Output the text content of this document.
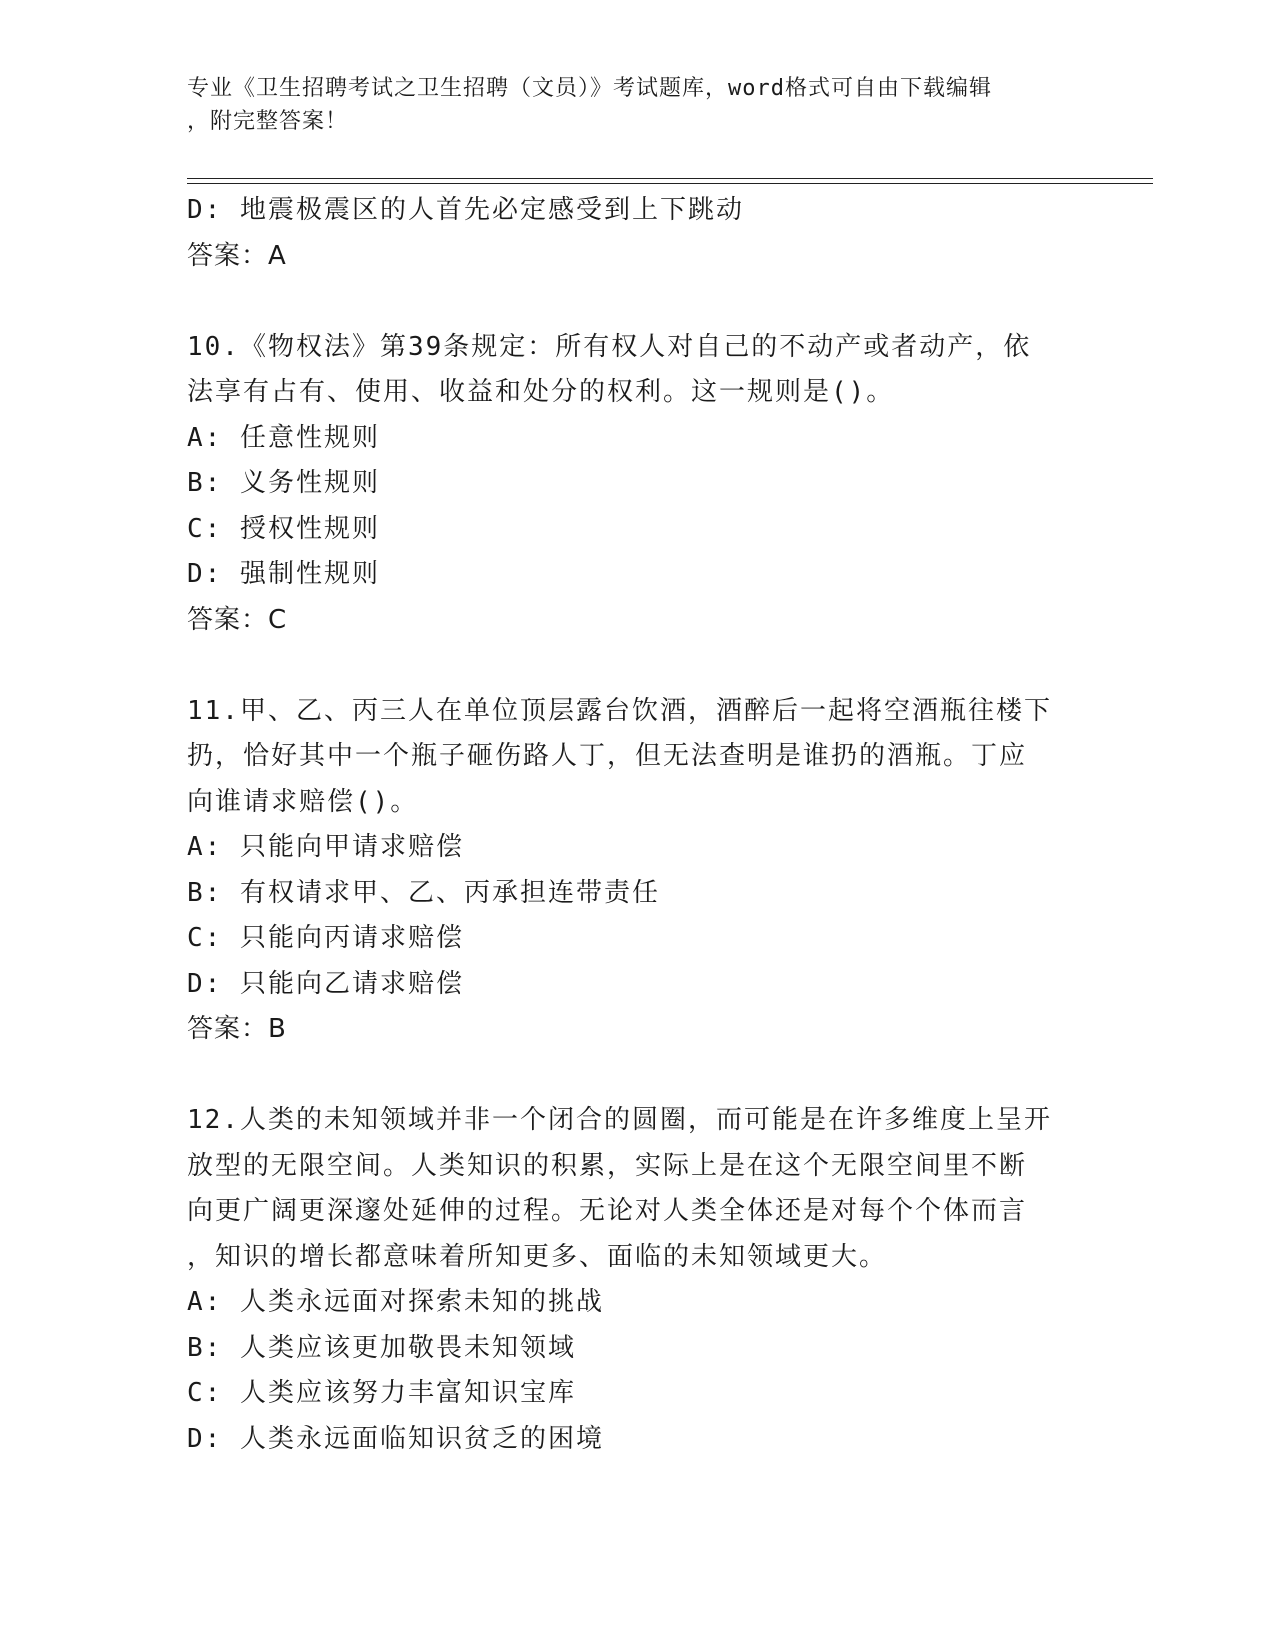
专业《卫生招聘考试之卫生招聘（文员）》考试题库，word格式可自由下载编辑
，附完整答案！
D: 地震极震区的人首先必定感受到上下跳动
答案：A
10.《物权法》第39条规定：所有权人对自己的不动产或者动产，依
法享有占有、使用、收益和处分的权利。这一规则是()。
A: 任意性规则
B: 义务性规则
C: 授权性规则
D: 强制性规则
答案：C
11.甲、乙、丙三人在单位顶层露台饮酒，酒醉后一起将空酒瓶往楼下
扔，恰好其中一个瓶子砸伤路人丁，但无法查明是谁扔的酒瓶。丁应
向谁请求赔偿()。
A: 只能向甲请求赔偿
B: 有权请求甲、乙、丙承担连带责任
C: 只能向丙请求赔偿
D: 只能向乙请求赔偿
答案：B
12.人类的未知领域并非一个闭合的圆圈，而可能是在许多维度上呈开
放型的无限空间。人类知识的积累，实际上是在这个无限空间里不断
向更广阔更深邃处延伸的过程。无论对人类全体还是对每个个体而言
，知识的增长都意味着所知更多、面临的未知领域更大。
A: 人类永远面对探索未知的挑战
B: 人类应该更加敬畏未知领域
C: 人类应该努力丰富知识宝库
D: 人类永远面临知识贫乏的困境
